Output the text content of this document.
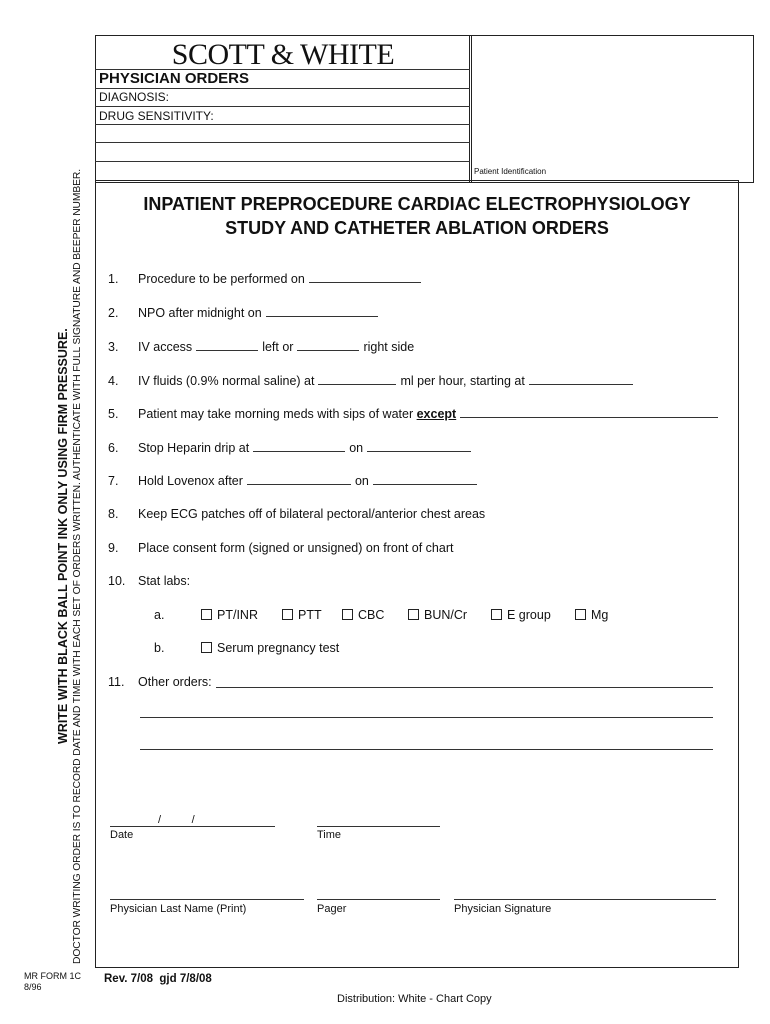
WRITE WITH BLACK BALL POINT INK ONLY USING FIRM PRESSURE. DOCTOR WRITING ORDER IS TO RECORD DATE AND TIME WITH EACH SET OF ORDERS WRITTEN. AUTHENTICATE WITH FULL SIGNATURE AND BEEPER NUMBER.
SCOTT & WHITE
PHYSICIAN ORDERS
DIAGNOSIS:
DRUG SENSITIVITY:
Patient Identification
INPATIENT PREPROCEDURE CARDIAC ELECTROPHYSIOLOGY
STUDY AND CATHETER ABLATION ORDERS
1. Procedure to be performed on
2. NPO after midnight on
3. IV access	left or	right side
4. IV fluids (0.9% normal saline) at	ml per hour, starting at
5. Patient may take morning meds with sips of water except
6. Stop Heparin drip at	on
7. Hold Lovenox after	on
8. Keep ECG patches off of bilateral pectoral/anterior chest areas
9. Place consent form (signed or unsigned) on front of chart
10. Stat labs:
a.	PT/INR	PTT	CBC	BUN/Cr	E group	Mg
b.	Serum pregnancy test
11. Other orders:
/          /
Date	Time
Physician Last Name (Print)	Pager	Physician Signature
MR FORM 1C
8/96
Rev. 7/08  gjd 7/8/08
Distribution: White - Chart Copy
